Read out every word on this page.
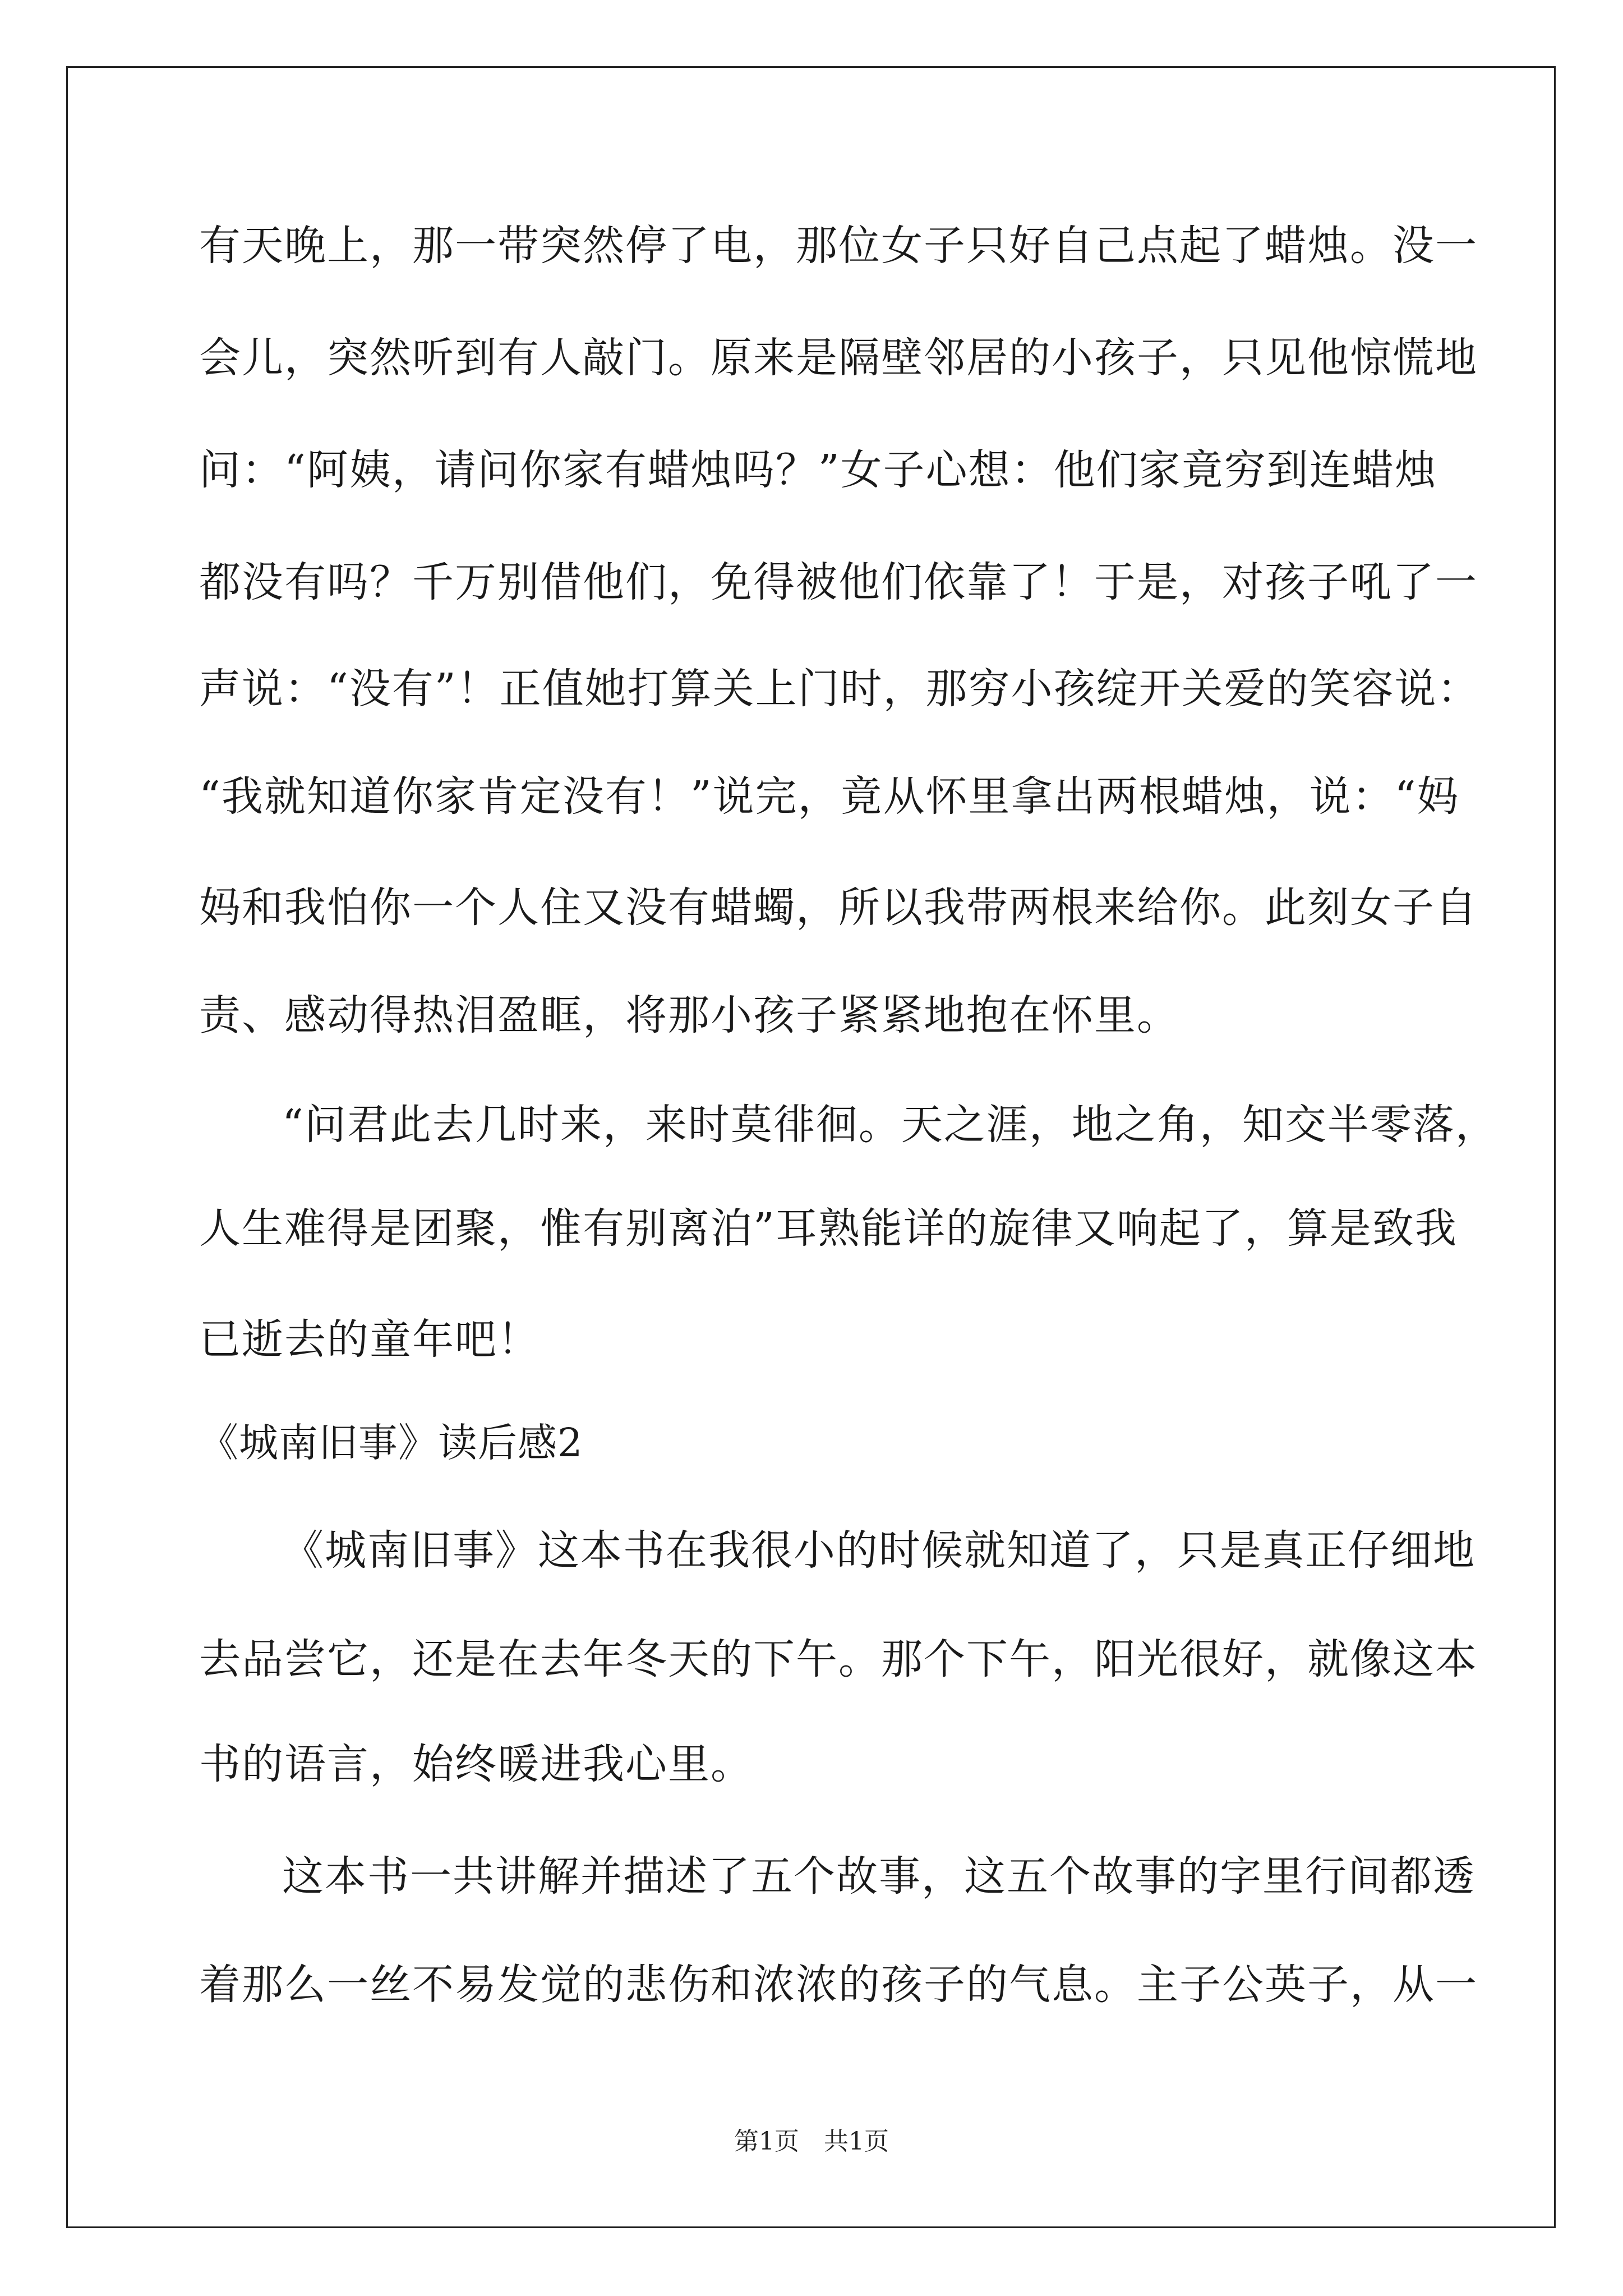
有天晚上，那一带突然停了电，那位女子只好自己点起了蜡烛。没一
会儿，突然听到有人敲门。原来是隔壁邻居的小孩子，只见他惊慌地
问：“阿姨，请问你家有蜡烛吗？”女子心想：他们家竟穷到连蜡烛
都没有吗？千万别借他们，免得被他们依靠了！于是，对孩子吼了一
声说：“没有”！正值她打算关上门时，那穷小孩绽开关爱的笑容说：
“我就知道你家肯定没有！”说完，竟从怀里拿出两根蜡烛，说：“妈
妈和我怕你一个人住又没有蜡蠋，所以我带两根来给你。此刻女子自
责、感动得热泪盈眶，将那小孩子紧紧地抱在怀里。
“问君此去几时来，来时莫徘徊。天之涯，地之角，知交半零落，
人生难得是团聚，惟有别离泊”耳熟能详的旋律又响起了，算是致我
已逝去的童年吧！
《城南旧事》读后感2
《城南旧事》这本书在我很小的时候就知道了，只是真正仔细地
去品尝它，还是在去年冬天的下午。那个下午，阳光很好，就像这本
书的语言，始终暖进我心里。
这本书一共讲解并描述了五个故事，这五个故事的字里行间都透
着那么一丝不易发觉的悲伤和浓浓的孩子的气息。主子公英子，从一
第1页　共1页
